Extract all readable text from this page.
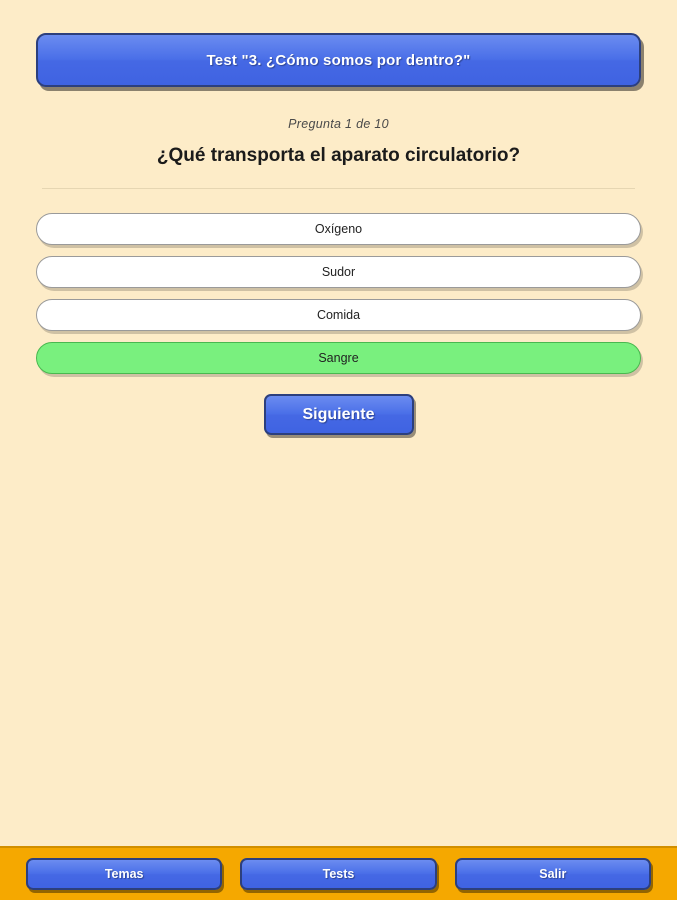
Test "3. ¿Cómo somos por dentro?"
Pregunta 1 de 10
¿Qué transporta el aparato circulatorio?
Oxígeno
Sudor
Comida
Sangre
Siguiente
Temas	Tests	Salir
